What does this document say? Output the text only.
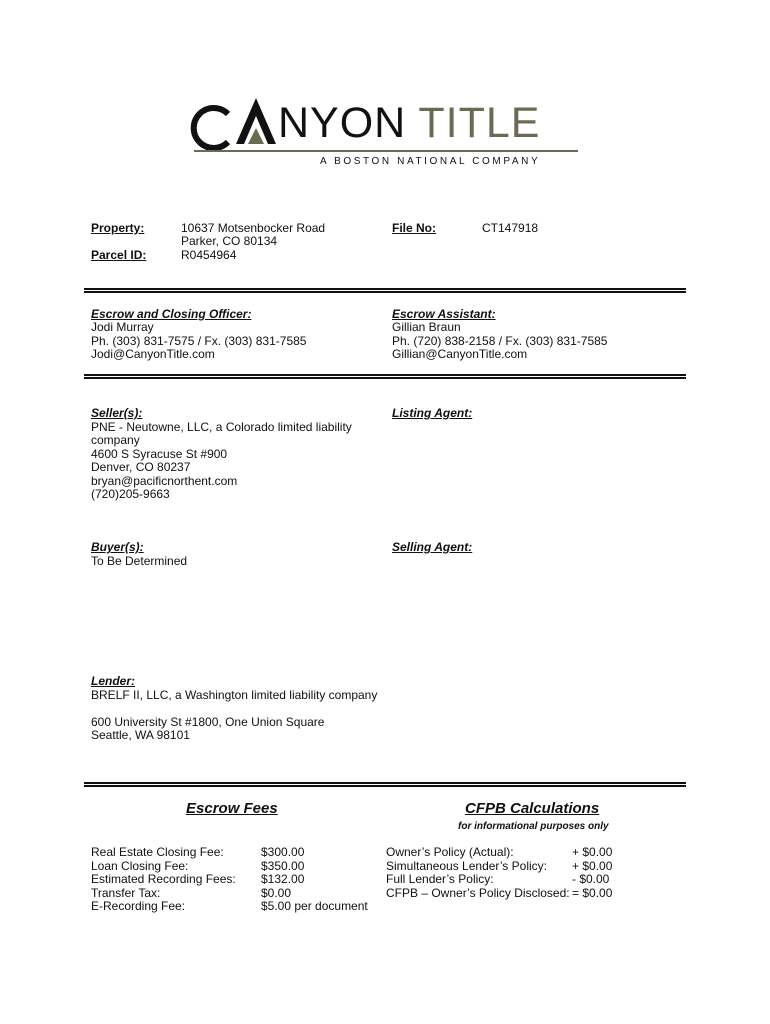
NYON TITLE
A BOSTON NATIONAL COMPANY
Property:	10637 Motsenbocker Road
Parker, CO 80134
Parcel ID:	R0454964
File No:	CT147918
Escrow and Closing Officer:
Jodi Murray
Ph. (303) 831-7575 / Fx. (303) 831-7585
Jodi@CanyonTitle.com
Escrow Assistant:
Gillian Braun
Ph. (720) 838-2158 / Fx. (303) 831-7585
Gillian@CanyonTitle.com
Seller(s):
PNE - Neutowne, LLC, a Colorado limited liability
company
4600 S Syracuse St #900
Denver, CO 80237
bryan@pacificnorthent.com
(720)205-9663
Listing Agent:
Buyer(s):
To Be Determined
Selling Agent:
Lender:
BRELF II, LLC, a Washington limited liability company
600 University St #1800, One Union Square
Seattle, WA 98101
Escrow Fees
Real Estate Closing Fee:	$300.00
Loan Closing Fee:	$350.00
Estimated Recording Fees: $132.00
Transfer Tax:	$0.00
E-Recording Fee:	$5.00 per document
CFPB Calculations
for informational purposes only
Owner’s Policy (Actual):	+ $0.00
Simultaneous Lender’s Policy: + $0.00
Full Lender’s Policy:	- $0.00
CFPB – Owner’s Policy Disclosed: = $0.00
